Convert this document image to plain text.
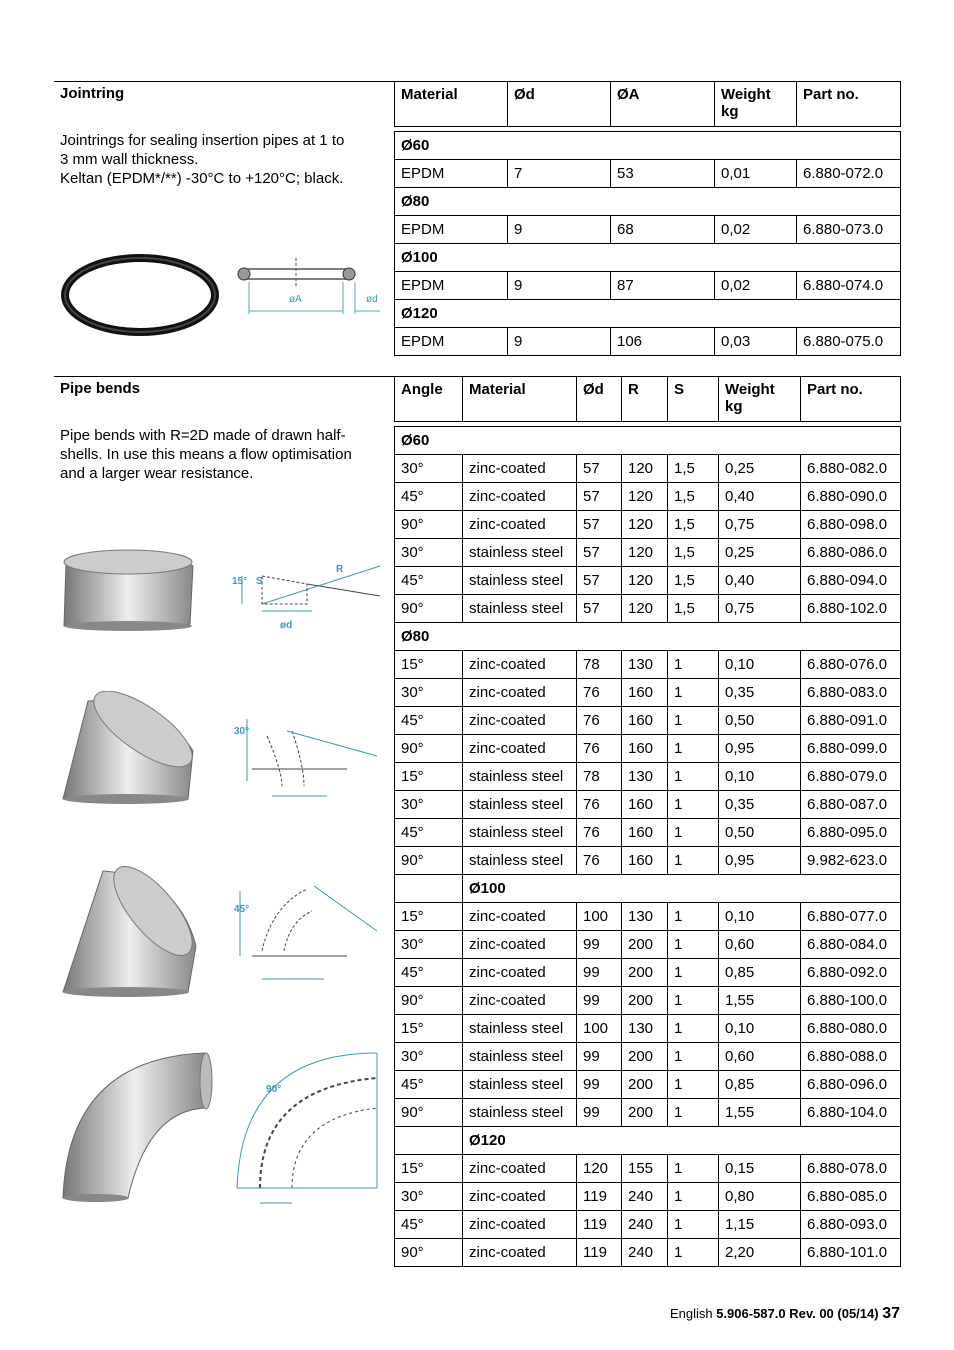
Jointring
Jointrings for sealing insertion pipes at 1 to
3 mm wall thickness.
Keltan (EPDM*/**) -30°C to +120°C; black.
øA	ød
Material	Ød	ØA	Weight kg	Part no.

Ø60				
EPDM	7	53	0,01	6.880-072.0
Ø80				
EPDM	9	68	0,02	6.880-073.0
Ø100				
EPDM	9	87	0,02	6.880-074.0
Ø120				
EPDM	9	106	0,03	6.880-075.0
Pipe bends
Pipe bends with R=2D made of drawn half-
shells. In use this means a flow optimisation
and a larger wear resistance.
S
R
ød
15°
30°
45°
90°
Angle	Material	Ød	R	S	Weight kg	Part no.

Ø60						
30°	zinc-coated	57	120	1,5	0,25	6.880-082.0
45°	zinc-coated	57	120	1,5	0,40	6.880-090.0
90°	zinc-coated	57	120	1,5	0,75	6.880-098.0
30°	stainless steel	57	120	1,5	0,25	6.880-086.0
45°	stainless steel	57	120	1,5	0,40	6.880-094.0
90°	stainless steel	57	120	1,5	0,75	6.880-102.0
Ø80						
15°	zinc-coated	78	130	1	0,10	6.880-076.0
30°	zinc-coated	76	160	1	0,35	6.880-083.0
45°	zinc-coated	76	160	1	0,50	6.880-091.0
90°	zinc-coated	76	160	1	0,95	6.880-099.0
15°	stainless steel	78	130	1	0,10	6.880-079.0
30°	stainless steel	76	160	1	0,35	6.880-087.0
45°	stainless steel	76	160	1	0,50	6.880-095.0
90°	stainless steel	76	160	1	0,95	9.982-623.0
	Ø100					
15°	zinc-coated	100	130	1	0,10	6.880-077.0
30°	zinc-coated	99	200	1	0,60	6.880-084.0
45°	zinc-coated	99	200	1	0,85	6.880-092.0
90°	zinc-coated	99	200	1	1,55	6.880-100.0
15°	stainless steel	100	130	1	0,10	6.880-080.0
30°	stainless steel	99	200	1	0,60	6.880-088.0
45°	stainless steel	99	200	1	0,85	6.880-096.0
90°	stainless steel	99	200	1	1,55	6.880-104.0
	Ø120					
15°	zinc-coated	120	155	1	0,15	6.880-078.0
30°	zinc-coated	119	240	1	0,80	6.880-085.0
45°	zinc-coated	119	240	1	1,15	6.880-093.0
90°	zinc-coated	119	240	1	2,20	6.880-101.0
English 5.906-587.0 Rev. 00 (05/14) 37
